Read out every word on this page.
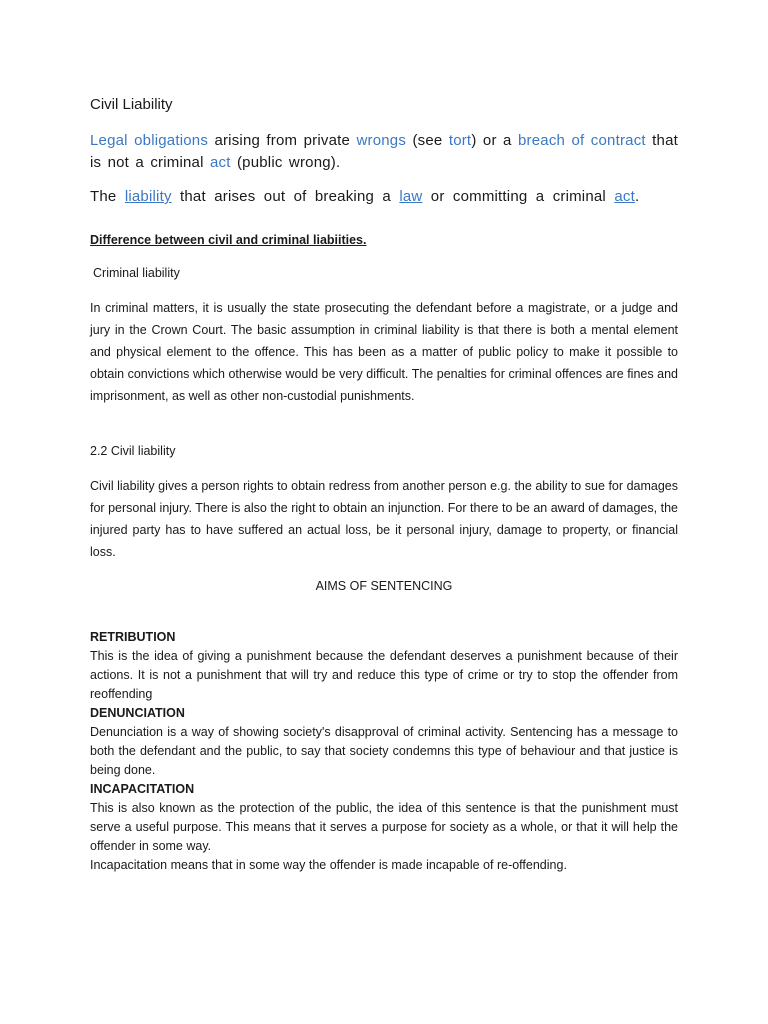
Civil Liability
Legal obligations arising from private wrongs (see tort) or a breach of contract that is not a criminal act (public wrong).
The liability that arises out of breaking a law or committing a criminal act.
Difference between civil and criminal liabiities.
Criminal liability
In criminal matters, it is usually the state prosecuting the defendant before a magistrate, or a judge and jury in the Crown Court. The basic assumption in criminal liability is that there is both a mental element and physical element to the offence. This has been as a matter of public policy to make it possible to obtain convictions which otherwise would be very difficult. The penalties for criminal offences are fines and imprisonment, as well as other non-custodial punishments.
2.2 Civil liability
Civil liability gives a person rights to obtain redress from another person e.g. the ability to sue for damages for personal injury. There is also the right to obtain an injunction. For there to be an award of damages, the injured party has to have suffered an actual loss, be it personal injury, damage to property, or financial loss.
AIMS OF SENTENCING
RETRIBUTION
This is the idea of giving a punishment because the defendant deserves a punishment because of their actions. It is not a punishment that will try and reduce this type of crime or try to stop the offender from reoffending
DENUNCIATION
Denunciation is a way of showing society's disapproval of criminal activity. Sentencing has a message to both the defendant and the public, to say that society condemns this type of behaviour and that justice is being done.
INCAPACITATION
This is also known as the protection of the public, the idea of this sentence is that the punishment must serve a useful purpose. This means that it serves a purpose for society as a whole, or that it will help the offender in some way.
Incapacitation means that in some way the offender is made incapable of re-offending.
